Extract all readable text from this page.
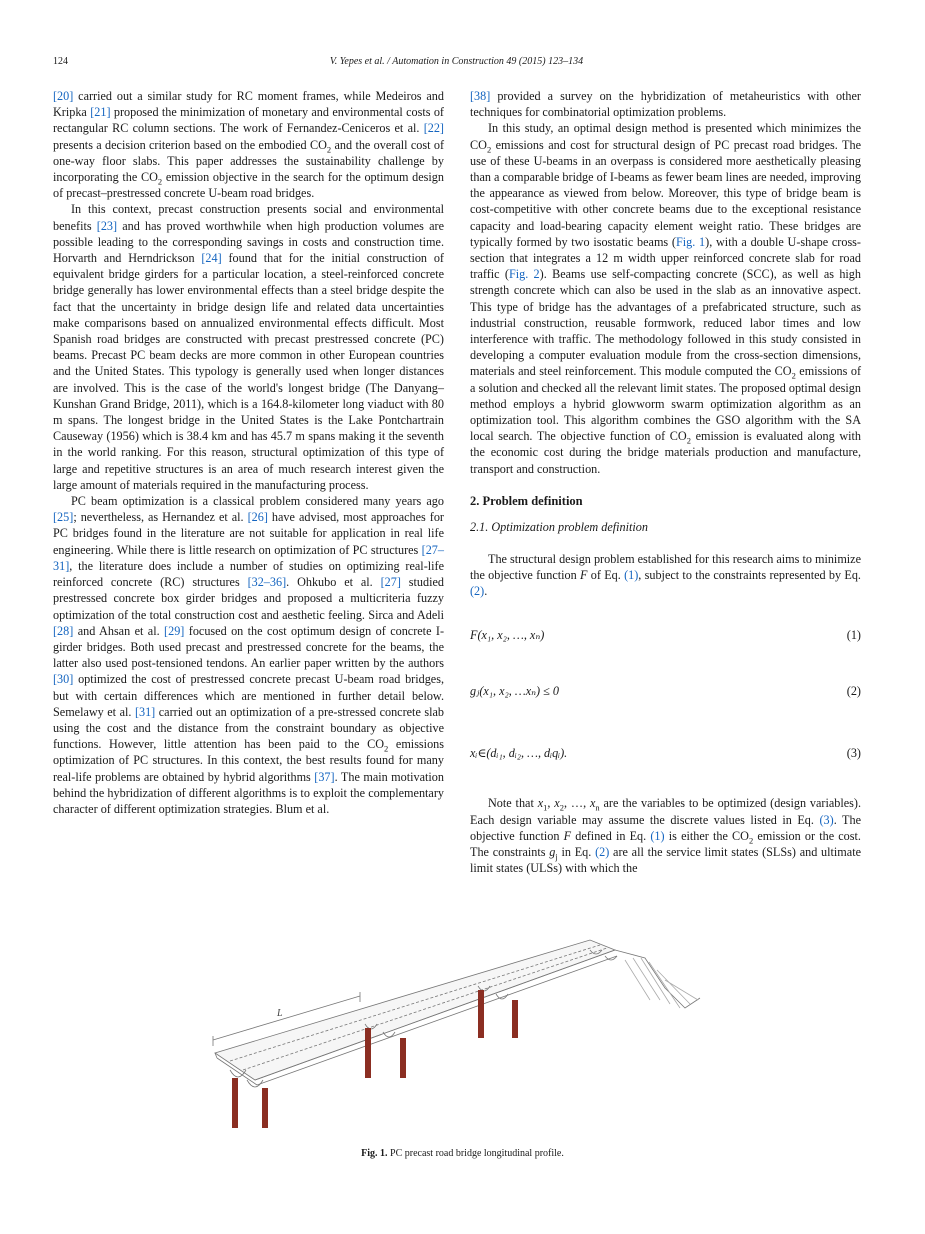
124	V. Yepes et al. / Automation in Construction 49 (2015) 123–134

[20] carried out a similar study for RC moment frames, while Medeiros and Kripka [21] proposed the minimization of monetary and environmental costs of rectangular RC column sections. The work of Fernandez-Ceniceros et al. [22] presents a decision criterion based on the embodied $CO_2$ and the overall cost of one-way floor slabs. This paper addresses the sustainability challenge by incorporating the $CO_2$ emission objective in the search for the optimum design of precast–prestressed concrete U-beam road bridges.

In this context, precast construction presents social and environmental benefits [23] and has proved worthwhile when high production volumes are possible leading to the corresponding savings in costs and construction time. Horvarth and Herndrickson [24] found that for the initial construction of equivalent bridge girders for a particular location, a steel-reinforced concrete bridge generally has lower environmental effects than a steel bridge despite the fact that the uncertainty in bridge design life and related data uncertainties make comparisons based on annualized environmental effects difficult. Most Spanish road bridges are constructed with precast prestressed concrete (PC) beams. Precast PC beam decks are more common in other European countries and the United States. This typology is generally used when longer distances are involved. This is the case of the world's longest bridge (The Danyang–Kunshan Grand Bridge, 2011), which is a 164.8-kilometer long viaduct with 80 m spans. The longest bridge in the United States is the Lake Pontchartrain Causeway (1956) which is 38.4 km and has 45.7 m spans making it the seventh in the world ranking. For this reason, structural optimization of this type of large and repetitive structures is an area of much research interest given the large amount of materials required in the manufacturing process.

PC beam optimization is a classical problem considered many years ago [25]; nevertheless, as Hernandez et al. [26] have advised, most approaches for PC bridges found in the literature are not suitable for application in real life engineering. While there is little research on optimization of PC structures [27–31], the literature does include a number of studies on optimizing real-life reinforced concrete (RC) structures [32–36]. Ohkubo et al. [27] studied prestressed concrete box girder bridges and proposed a multicriteria fuzzy optimization of the total construction cost and aesthetic feeling. Sirca and Adeli [28] and Ahsan et al. [29] focused on the cost optimum design of concrete I-girder bridges. Both used precast and prestressed concrete for the beams, the latter also used post-tensioned tendons. An earlier paper written by the authors [30] optimized the cost of prestressed concrete precast U-beam road bridges, but with certain differences which are mentioned in further detail below. Semelawy et al. [31] carried out an optimization of a pre-stressed concrete slab using the cost and the distance from the constraint boundary as objective functions. However, little attention has been paid to the $CO_2$ emissions optimization of PC structures. In this context, the best results found for many real-life problems are obtained by hybrid algorithms [37]. The main motivation behind the hybridization of different algorithms is to exploit the complementary character of different optimization strategies. Blum et al.

[38] provided a survey on the hybridization of metaheuristics with other techniques for combinatorial optimization problems.

In this study, an optimal design method is presented which minimizes the $CO_2$ emissions and cost for structural design of PC precast road bridges. The use of these U-beams in an overpass is considered more aesthetically pleasing than a comparable bridge of I-beams as fewer beam lines are needed, improving the appearance as viewed from below. Moreover, this type of bridge beam is cost-competitive with other concrete beams due to the exceptional resistance capacity and load-bearing capacity element weight ratio. These bridges are typically formed by two isostatic beams (Fig. 1), with a double U-shape cross-section that integrates a 12 m width upper reinforced concrete slab for road traffic (Fig. 2). Beams use self-compacting concrete (SCC), as well as high strength concrete which can also be used in the slab as an innovative aspect. This type of bridge has the advantages of a prefabricated structure, such as industrial construction, reusable formwork, reduced labor times and low interference with traffic. The methodology followed in this study consisted in developing a computer evaluation module from the cross-section dimensions, materials and steel reinforcement. This module computed the $CO_2$ emissions of a solution and checked all the relevant limit states. The proposed optimal design method employs a hybrid glowworm swarm optimization algorithm as an optimization tool. This algorithm combines the GSO algorithm with the SA local search. The objective function of $CO_2$ emission is evaluated along with the economic cost during the bridge materials production and manufacture, transport and construction.

2. Problem definition
2.1. Optimization problem definition

The structural design problem established for this research aims to minimize the objective function F of Eq. (1), subject to the constraints represented by Eq. (2).

F(x₁, x₂, …, xₙ)	(1)
gⱼ(x₁, x₂, …xₙ) ≤ 0	(2)
xᵢ∈(dᵢ₁, dᵢ₂, …, dᵢqᵢ).	(3)

Note that $x_1$, $x_2$, …, $x_n$ are the variables to be optimized (design variables). Each design variable may assume the discrete values listed in Eq. (3). The objective function F defined in Eq. (1) is either the $CO_2$ emission or the cost. The constraints $g_j$ in Eq. (2) are all the service limit states (SLSs) and ultimate limit states (ULSs) with which the

L
Fig. 1. PC precast road bridge longitudinal profile.
